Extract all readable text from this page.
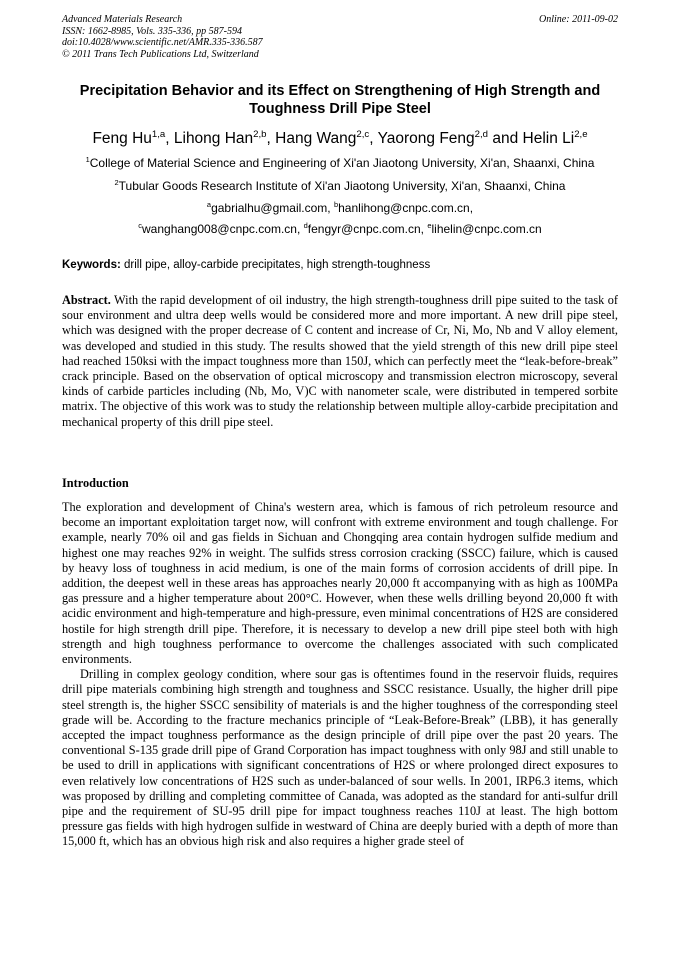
Advanced Materials Research
ISSN: 1662-8985, Vols. 335-336, pp 587-594
doi:10.4028/www.scientific.net/AMR.335-336.587
© 2011 Trans Tech Publications Ltd, Switzerland
Online: 2011-09-02
Precipitation Behavior and its Effect on Strengthening of High Strength and Toughness Drill Pipe Steel
Feng Hu$^{1,a}$, Lihong Han$^{2,b}$, Hang Wang$^{2,c}$, Yaorong Feng$^{2,d}$ and Helin Li$^{2,e}$
$^1$College of Material Science and Engineering of Xi'an Jiaotong University, Xi'an, Shaanxi, China
$^2$Tubular Goods Research Institute of Xi'an Jiaotong University, Xi'an, Shaanxi, China
$^a$gabrialhu@gmail.com, $^b$hanlihong@cnpc.com.cn,
$^c$wanghang008@cnpc.com.cn, $^d$fengyr@cnpc.com.cn, $^e$lihelin@cnpc.com.cn
Keywords: drill pipe, alloy-carbide precipitates, high strength-toughness

Abstract. With the rapid development of oil industry, the high strength-toughness drill pipe suited to the task of sour environment and ultra deep wells would be considered more and more important. A new drill pipe steel, which was designed with the proper decrease of C content and increase of Cr, Ni, Mo, Nb and V alloy element, was developed and studied in this study. The results showed that the yield strength of this new drill pipe steel had reached 150ksi with the impact toughness more than 150J, which can perfectly meet the “leak-before-break” crack principle. Based on the observation of optical microscopy and transmission electron microscopy, several kinds of carbide particles including (Nb, Mo, V)C with nanometer scale, were distributed in tempered sorbite matrix. The objective of this work was to study the relationship between multiple alloy-carbide precipitation and mechanical property of this drill pipe steel.

Introduction

The exploration and development of China's western area, which is famous of rich petroleum resource and become an important exploitation target now, will confront with extreme environment and tough challenge. For example, nearly 70% oil and gas fields in Sichuan and Chongqing area contain hydrogen sulfide medium and highest one may reaches 92% in weight. The sulfids stress corrosion cracking (SSCC) failure, which is caused by heavy loss of toughness in acid medium, is one of the main forms of corrosion accidents of drill pipe. In addition, the deepest well in these areas has approaches nearly 20,000 ft accompanying with as high as 100MPa gas pressure and a higher temperature about 200°C. However, when these wells drilling beyond 20,000 ft with acidic environment and high-temperature and high-pressure, even minimal concentrations of H2S are considered hostile for high strength drill pipe. Therefore, it is necessary to develop a new drill pipe steel both with high strength and high toughness performance to overcome the challenges associated with such complicated environments.

Drilling in complex geology condition, where sour gas is oftentimes found in the reservoir fluids, requires drill pipe materials combining high strength and toughness and SSCC resistance. Usually, the higher drill pipe steel strength is, the higher SSCC sensibility of materials is and the higher toughness of the corresponding steel grade will be. According to the fracture mechanics principle of “Leak-Before-Break” (LBB), it has generally accepted the impact toughness performance as the design principle of drill pipe over the past 20 years. The conventional S-135 grade drill pipe of Grand Corporation has impact toughness with only 98J and still unable to be used to drill in applications with significant concentrations of H2S or where prolonged direct exposures to even relatively low concentrations of H2S such as under-balanced of sour wells. In 2001, IRP6.3 items, which was proposed by drilling and completing committee of Canada, was adopted as the standard for anti-sulfur drill pipe and the requirement of SU-95 drill pipe for impact toughness reaches 110J at least. The high bottom pressure gas fields with high hydrogen sulfide in westward of China are deeply buried with a depth of more than 15,000 ft, which has an obvious high risk and also requires a higher grade steel of
